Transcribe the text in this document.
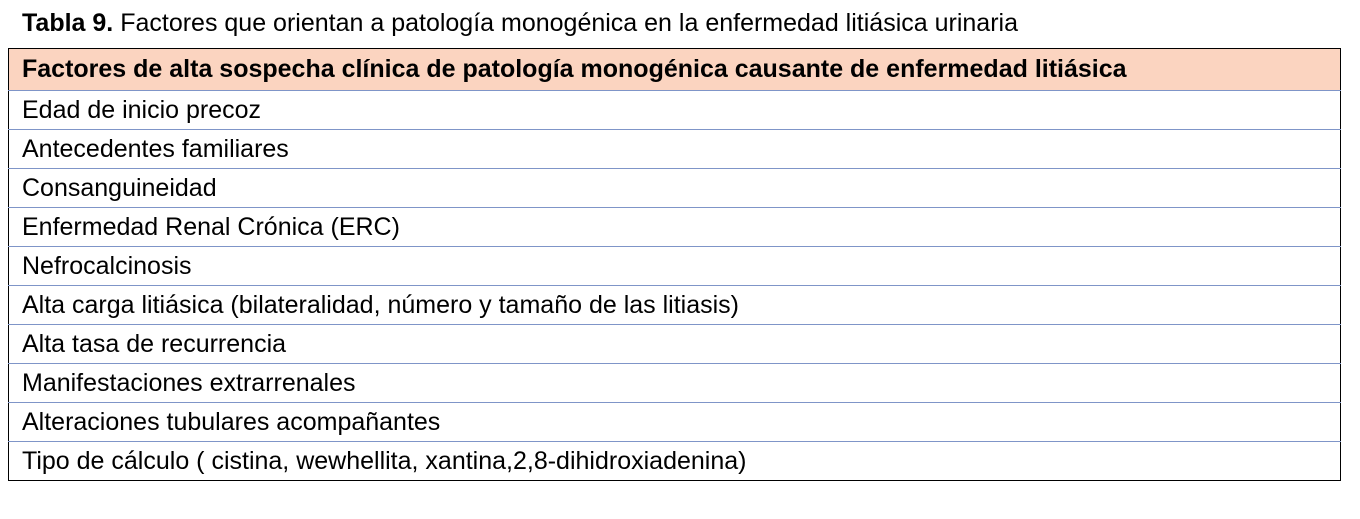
Tabla 9. Factores que orientan a patología monogénica en la enfermedad litiásica urinaria
Factores de alta sospecha clínica de patología monogénica causante de enfermedad litiásica
Edad de inicio precoz
Antecedentes familiares
Consanguineidad
Enfermedad Renal Crónica (ERC)
Nefrocalcinosis
Alta carga litiásica (bilateralidad, número y tamaño de las litiasis)
Alta tasa de recurrencia
Manifestaciones extrarrenales
Alteraciones tubulares acompañantes
Tipo de cálculo ( cistina, wewhellita, xantina,2,8-dihidroxiadenina)
